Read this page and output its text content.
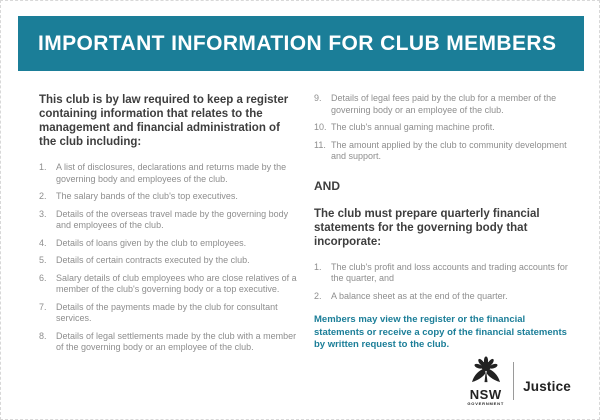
IMPORTANT INFORMATION FOR CLUB MEMBERS

This club is by law required to keep a register containing information that relates to the management and financial administration of the club including:

1.	A list of disclosures, declarations and returns made by the governing body and employees of the club.
2.	The salary bands of the club's top executives.
3.	Details of the overseas travel made by the governing body and employees of the club.
4.	Details of loans given by the club to employees.
5.	Details of certain contracts executed by the club.
6.	Salary details of club employees who are close relatives of a member of the club's governing body or a top executive.
7.	Details of the payments made by the club for consultant services.
8.	Details of legal settlements made by the club with a member of the governing body or an employee of the club.
9.	Details of legal fees paid by the club for a member of the governing body or an employee of the club.
10. The club's annual gaming machine profit.
11. The amount applied by the club to community development and support.

AND

The club must prepare quarterly financial statements for the governing body that incorporate:

1.	The club's profit and loss accounts and trading accounts for the quarter, and
2.	A balance sheet as at the end of the quarter.

Members may view the register or the financial statements or receive a copy of the financial statements by written request to the club.

NSW
GOVERNMENT
Justice
